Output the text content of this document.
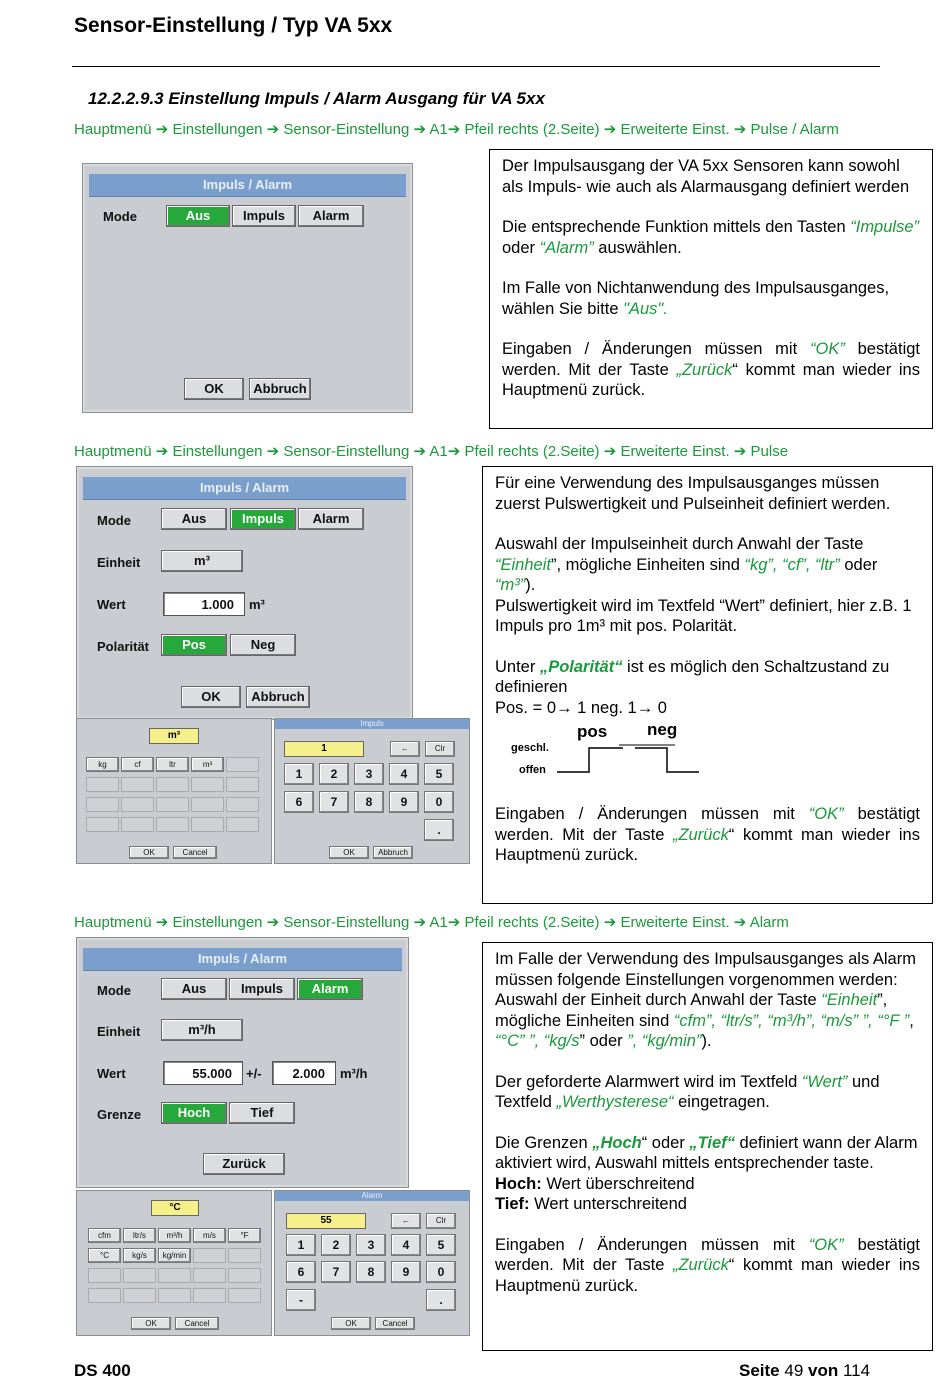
Sensor-Einstellung / Typ VA 5xx
12.2.2.9.3 Einstellung Impuls / Alarm Ausgang für VA 5xx
Hauptmenü ➔ Einstellungen ➔ Sensor-Einstellung ➔ A1➔ Pfeil rechts (2.Seite) ➔ Erweiterte Einst. ➔ Pulse / Alarm
Impuls / Alarm
Mode	Aus	Impuls	Alarm
OK	Abbruch

Der Impulsausgang der VA 5xx Sensoren kann sowohl als Impuls- wie auch als Alarmausgang definiert werden

Die entsprechende Funktion mittels den Tasten “Impulse” oder “Alarm” auswählen.

Im Falle von Nichtanwendung des Impulsausganges, wählen Sie bitte "Aus".

Eingaben / Änderungen müssen mit “OK” bestätigt werden. Mit der Taste „Zurück“ kommt man wieder ins Hauptmenü zurück.

Hauptmenü ➔ Einstellungen ➔ Sensor-Einstellung ➔ A1➔ Pfeil rechts (2.Seite) ➔ Erweiterte Einst. ➔ Pulse
Impuls / Alarm
Mode	Aus	Impuls	Alarm
Einheit	m³
Wert	1.000	m³
Polarität	Pos	Neg
OK	Abbruch
m³
kg	cf	ltr	m³
OK	Cancel
Impuls
1	←	Clr
1	2	3	4	5
6	7	8	9	0
.
OK	Abbruch

Für eine Verwendung des Impulsausganges müssen zuerst Pulswertigkeit und Pulseinheit definiert werden.

Auswahl der Impulseinheit durch Anwahl der Taste “Einheit”, mögliche Einheiten sind “kg”, “cf”, “ltr” oder “m³”).

Pulswertigkeit wird im Textfeld “Wert” definiert, hier z.B. 1 Impuls pro 1m³ mit pos. Polarität.

Unter „Polarität“ ist es möglich den Schaltzustand zu definieren

Pos. = 0→ 1 neg. 1→ 0

pos neg
geschl.
offen

Eingaben / Änderungen müssen mit “OK” bestätigt werden. Mit der Taste „Zurück“ kommt man wieder ins Hauptmenü zurück.

Hauptmenü ➔ Einstellungen ➔ Sensor-Einstellung ➔ A1➔ Pfeil rechts (2.Seite) ➔ Erweiterte Einst. ➔ Alarm
Impuls / Alarm
Mode	Aus	Impuls	Alarm
Einheit	m³/h
Wert	55.000	+/-	2.000	m³/h
Grenze	Hoch	Tief
Zurück
°C
cfm	ltr/s	m³/h	m/s	°F
°C	kg/s	kg/min
OK	Cancel
Alarm
55	←	Clr
1	2	3	4	5
6	7	8	9	0
-	.
OK	Cancel

Im Falle der Verwendung des Impulsausganges als Alarm müssen folgende Einstellungen vorgenommen werden:

Auswahl der Einheit durch Anwahl der Taste “Einheit”, mögliche Einheiten sind “cfm”, “ltr/s”, “m³/h”, “m/s” ”, “°F ”, “°C” ”, “kg/s” oder ”, “kg/min”).

Der geforderte Alarmwert wird im Textfeld “Wert” und Textfeld „Werthysterese“ eingetragen.

Die Grenzen „Hoch“ oder „Tief“ definiert wann der Alarm aktiviert wird, Auswahl mittels entsprechender taste.

Hoch: Wert überschreitend

Tief: Wert unterschreitend

Eingaben / Änderungen müssen mit “OK” bestätigt werden. Mit der Taste „Zurück“ kommt man wieder ins Hauptmenü zurück.

DS 400	Seite 49 von 114
